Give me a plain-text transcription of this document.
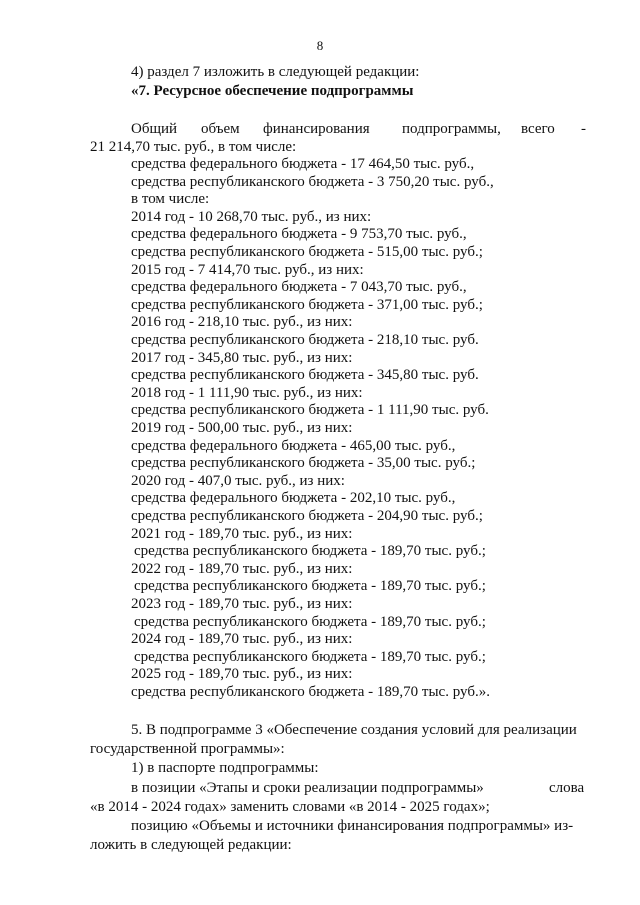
8
4) раздел 7 изложить в следующей редакции:
«7. Ресурсное обеспечение подпрограммы
Общий объем финансирования подпрограммы, всего -
21 214,70 тыс. руб., в том числе:
средства федерального бюджета - 17 464,50 тыс. руб.,
средства республиканского бюджета - 3 750,20 тыс. руб.,
в том числе:
2014 год - 10 268,70 тыс. руб., из них:
средства федерального бюджета - 9 753,70 тыс. руб.,
средства республиканского бюджета - 515,00 тыс. руб.;
2015 год - 7 414,70 тыс. руб., из них:
средства федерального бюджета - 7 043,70 тыс. руб.,
средства республиканского бюджета - 371,00 тыс. руб.;
2016 год - 218,10 тыс. руб., из них:
средства республиканского бюджета - 218,10 тыс. руб.
2017 год - 345,80 тыс. руб., из них:
средства республиканского бюджета - 345,80 тыс. руб.
2018 год - 1 111,90 тыс. руб., из них:
средства республиканского бюджета - 1 111,90 тыс. руб.
2019 год - 500,00 тыс. руб., из них:
средства федерального бюджета - 465,00 тыс. руб.,
средства республиканского бюджета - 35,00 тыс. руб.;
2020 год - 407,0 тыс. руб., из них:
средства федерального бюджета - 202,10 тыс. руб.,
средства республиканского бюджета - 204,90 тыс. руб.;
2021 год - 189,70 тыс. руб., из них:
средства республиканского бюджета - 189,70 тыс. руб.;
2022 год - 189,70 тыс. руб., из них:
средства республиканского бюджета - 189,70 тыс. руб.;
2023 год - 189,70 тыс. руб., из них:
средства республиканского бюджета - 189,70 тыс. руб.;
2024 год - 189,70 тыс. руб., из них:
средства республиканского бюджета - 189,70 тыс. руб.;
2025 год - 189,70 тыс. руб., из них:
средства республиканского бюджета - 189,70 тыс. руб.».
5. В подпрограмме 3 «Обеспечение создания условий для реализации
государственной программы»:
1) в паспорте подпрограммы:
в позиции «Этапы и сроки реализации подпрограммы»	слова
«в 2014 - 2024 годах» заменить словами «в 2014 - 2025 годах»;
позицию «Объемы и источники финансирования подпрограммы» из-
ложить в следующей редакции:
